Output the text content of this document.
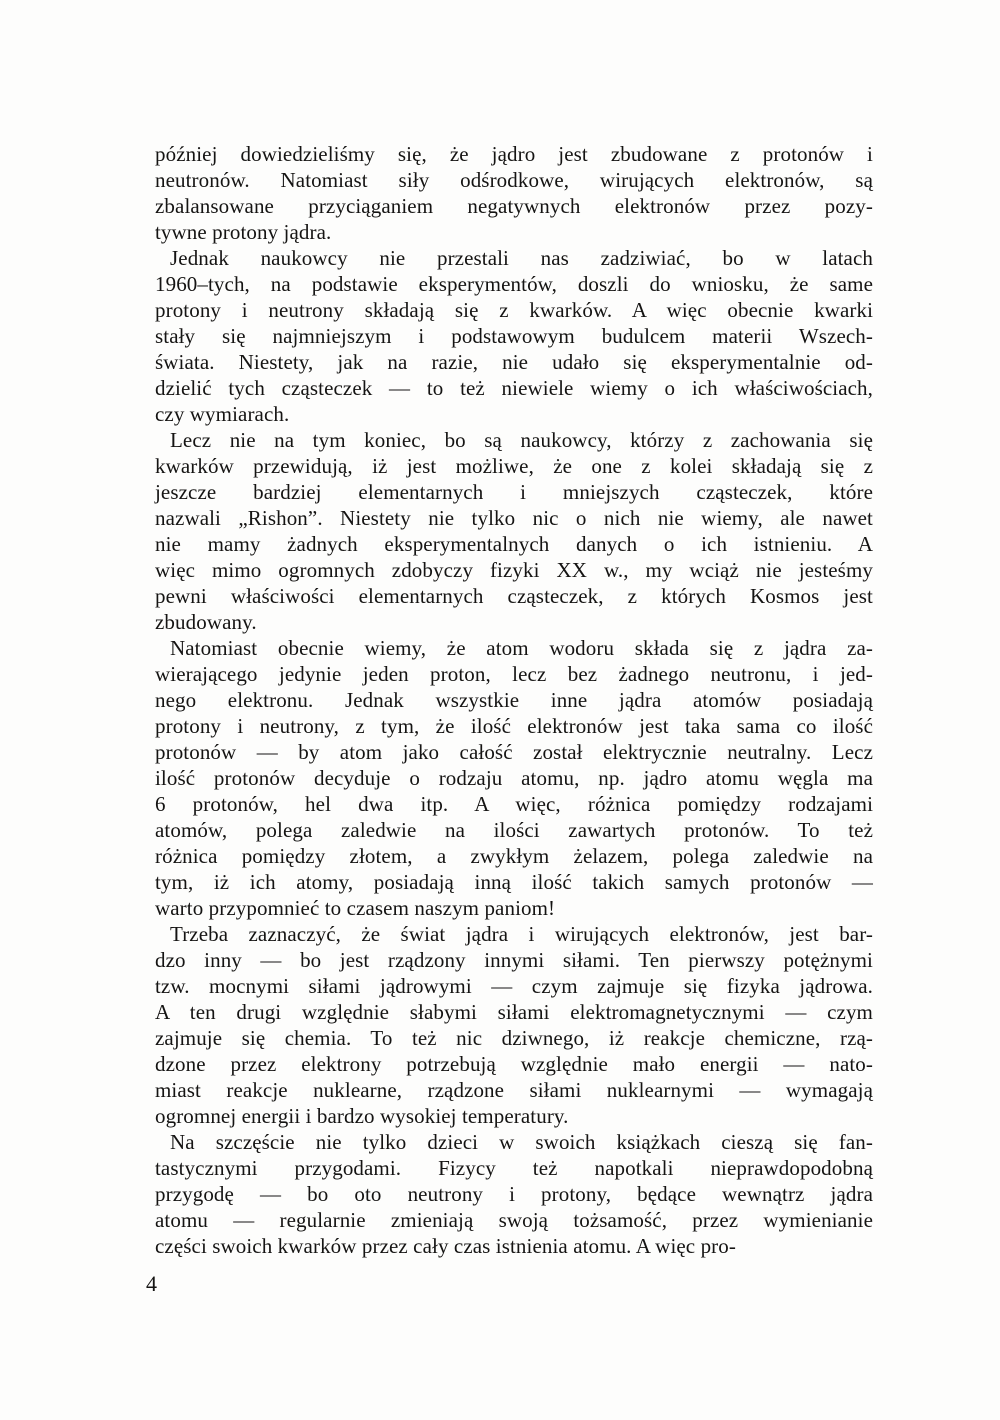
później dowiedzieliśmy się, że jądro jest zbudowane z protonów i
neutronów. Natomiast siły odśrodkowe, wirujących elektronów, są
zbalansowane przyciąganiem negatywnych elektronów przez pozy-
tywne protony jądra.
Jednak naukowcy nie przestali nas zadziwiać, bo w latach
1960–tych, na podstawie eksperymentów, doszli do wniosku, że same
protony i neutrony składają się z kwarków. A więc obecnie kwarki
stały się najmniejszym i podstawowym budulcem materii Wszech-
świata. Niestety, jak na razie, nie udało się eksperymentalnie od-
dzielić tych cząsteczek — to też niewiele wiemy o ich właściwościach,
czy wymiarach.
Lecz nie na tym koniec, bo są naukowcy, którzy z zachowania się
kwarków przewidują, iż jest możliwe, że one z kolei składają się z
jeszcze bardziej elementarnych i mniejszych cząsteczek, które
nazwali „Rishon”. Niestety nie tylko nic o nich nie wiemy, ale nawet
nie mamy żadnych eksperymentalnych danych o ich istnieniu. A
więc mimo ogromnych zdobyczy fizyki XX w., my wciąż nie jesteśmy
pewni właściwości elementarnych cząsteczek, z których Kosmos jest
zbudowany.
Natomiast obecnie wiemy, że atom wodoru składa się z jądra za-
wierającego jedynie jeden proton, lecz bez żadnego neutronu, i jed-
nego elektronu. Jednak wszystkie inne jądra atomów posiadają
protony i neutrony, z tym, że ilość elektronów jest taka sama co ilość
protonów — by atom jako całość został elektrycznie neutralny. Lecz
ilość protonów decyduje o rodzaju atomu, np. jądro atomu węgla ma
6 protonów, hel dwa itp. A więc, różnica pomiędzy rodzajami
atomów, polega zaledwie na ilości zawartych protonów. To też
różnica pomiędzy złotem, a zwykłym żelazem, polega zaledwie na
tym, iż ich atomy, posiadają inną ilość takich samych protonów —
warto przypomnieć to czasem naszym paniom!
Trzeba zaznaczyć, że świat jądra i wirujących elektronów, jest bar-
dzo inny — bo jest rządzony innymi siłami. Ten pierwszy potężnymi
tzw. mocnymi siłami jądrowymi — czym zajmuje się fizyka jądrowa.
A ten drugi względnie słabymi siłami elektromagnetycznymi — czym
zajmuje się chemia. To też nic dziwnego, iż reakcje chemiczne, rzą-
dzone przez elektrony potrzebują względnie mało energii — nato-
miast reakcje nuklearne, rządzone siłami nuklearnymi — wymagają
ogromnej energii i bardzo wysokiej temperatury.
Na szczęście nie tylko dzieci w swoich książkach cieszą się fan-
tastycznymi przygodami. Fizycy też napotkali nieprawdopodobną
przygodę — bo oto neutrony i protony, będące wewnątrz jądra
atomu — regularnie zmieniają swoją tożsamość, przez wymienianie
części swoich kwarków przez cały czas istnienia atomu. A więc pro-
4
